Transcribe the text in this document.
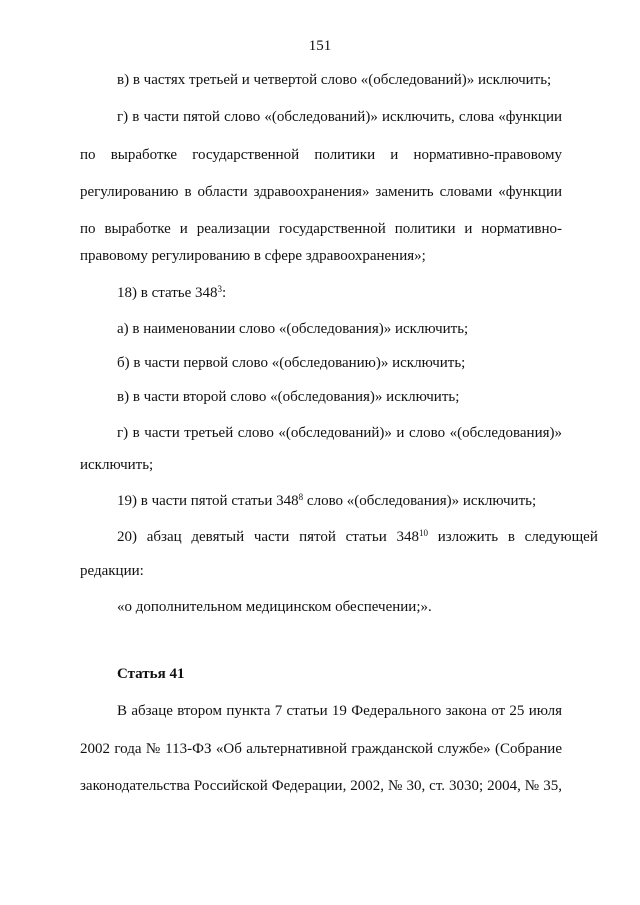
151
в) в частях третьей и четвертой слово «(обследований)» исключить;
г) в части пятой слово «(обследований)» исключить, слова «функции
по выработке государственной политики и нормативно-правовому
регулированию в области здравоохранения» заменить словами «функции
по выработке и реализации государственной политики и нормативно-
правовому регулированию в сфере здравоохранения»;
18) в статье $348^3$:
а) в наименовании слово «(обследования)» исключить;
б) в части первой слово «(обследованию)» исключить;
в) в части второй слово «(обследования)» исключить;
г) в части третьей слово «(обследований)» и слово «(обследования)»
исключить;
19) в части пятой статьи $348^8$ слово «(обследования)» исключить;
20) абзац девятый части пятой статьи $348^{10}$ изложить в следующей
редакции:
«о дополнительном медицинском обеспечении;».
Статья 41
В абзаце втором пункта 7 статьи 19 Федерального закона от 25 июля
2002 года № 113-ФЗ «Об альтернативной гражданской службе» (Собрание
законодательства Российской Федерации, 2002, № 30, ст. 3030; 2004, № 35,
